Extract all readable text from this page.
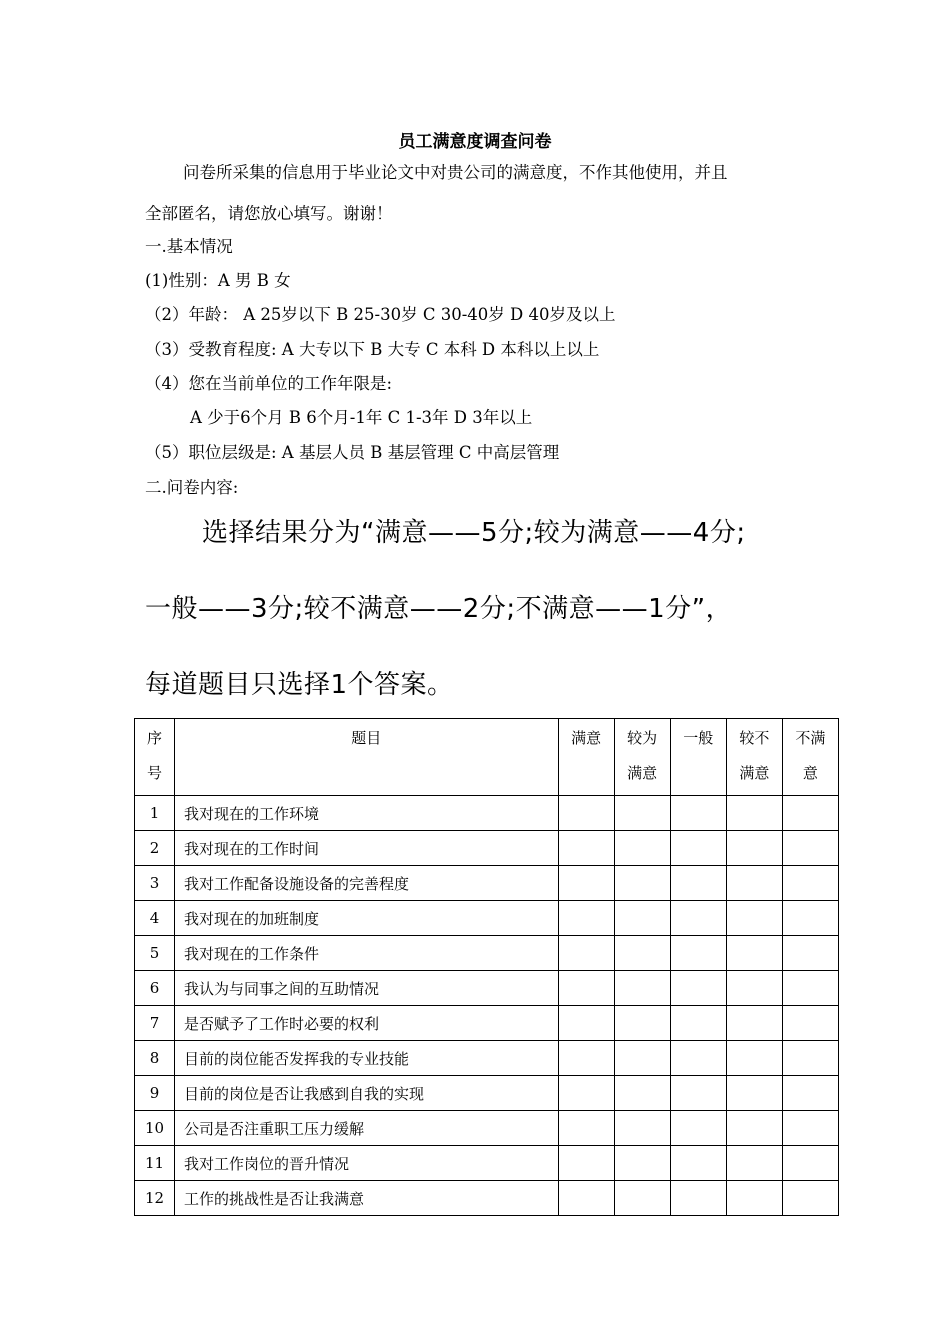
员工满意度调查问卷
问卷所采集的信息用于毕业论文中对贵公司的满意度，不作其他使用，并且
全部匿名，请您放心填写。谢谢！
一.基本情况
(1)性别：A 男 B 女
（2）年龄： A 25岁以下 B 25-30岁 C 30-40岁 D 40岁及以上
（3）受教育程度: A 大专以下 B 大专 C 本科 D 本科以上以上
（4）您在当前单位的工作年限是:
A 少于6个月 B 6个月-1年 C 1-3年 D 3年以上
（5）职位层级是: A 基层人员 B 基层管理 C 中高层管理
二.问卷内容:
选择结果分为“满意——5分;较为满意——4分;
一般——3分;较不满意——2分;不满意——1分”，
每道题目只选择1个答案。
序号	题目	满意	较为满意	一般	较不满意	不满意
1	我对现在的工作环境					
2	我对现在的工作时间					
3	我对工作配备设施设备的完善程度					
4	我对现在的加班制度					
5	我对现在的工作条件					
6	我认为与同事之间的互助情况					
7	是否赋予了工作时必要的权利					
8	目前的岗位能否发挥我的专业技能					
9	目前的岗位是否让我感到自我的实现					
10	公司是否注重职工压力缓解					
11	我对工作岗位的晋升情况					
12	工作的挑战性是否让我满意					
